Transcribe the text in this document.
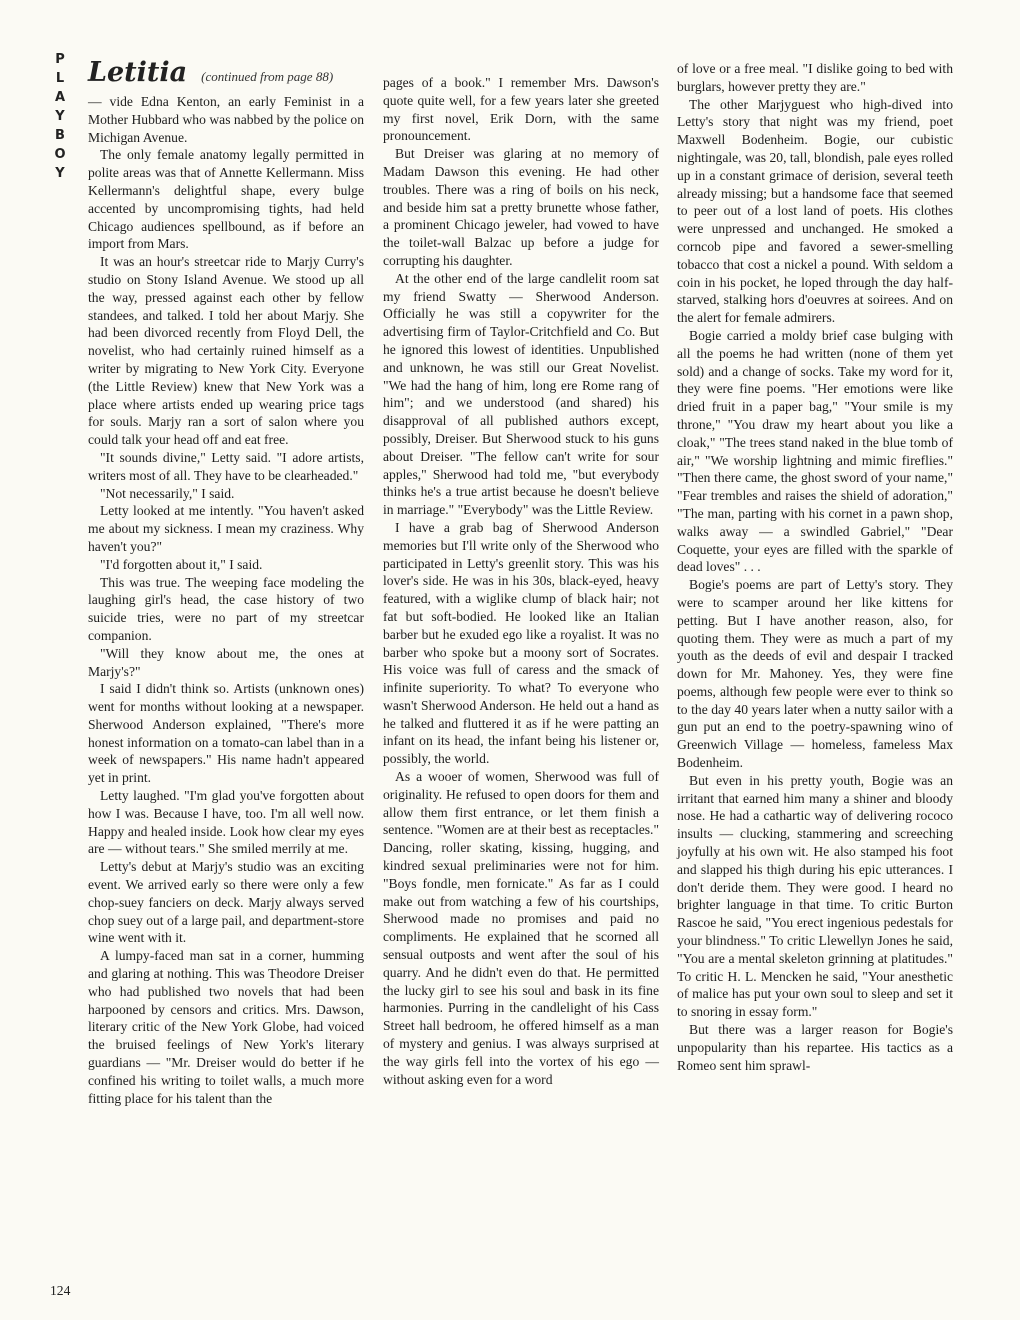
P
L
A
Y
B
O
Y
Letitia (continued from page 88)

— vide Edna Kenton, an early Feminist in a Mother Hubbard who was nabbed by the police on Michigan Avenue.

The only female anatomy legally permitted in polite areas was that of Annette Kellermann. Miss Kellermann's delightful shape, every bulge accented by uncompromising tights, had held Chicago audiences spellbound, as if before an import from Mars.

It was an hour's streetcar ride to Marjy Curry's studio on Stony Island Avenue. We stood up all the way, pressed against each other by fellow standees, and talked. I told her about Marjy. She had been divorced recently from Floyd Dell, the novelist, who had certainly ruined himself as a writer by migrating to New York City. Everyone (the Little Review) knew that New York was a place where artists ended up wearing price tags for souls. Marjy ran a sort of salon where you could talk your head off and eat free.

"It sounds divine," Letty said. "I adore artists, writers most of all. They have to be clearheaded."

"Not necessarily," I said.

Letty looked at me intently. "You haven't asked me about my sickness. I mean my craziness. Why haven't you?"

"I'd forgotten about it," I said.

This was true. The weeping face modeling the laughing girl's head, the case history of two suicide tries, were no part of my streetcar companion.

"Will they know about me, the ones at Marjy's?"

I said I didn't think so. Artists (unknown ones) went for months without looking at a newspaper. Sherwood Anderson explained, "There's more honest information on a tomato-can label than in a week of newspapers." His name hadn't appeared yet in print.

Letty laughed. "I'm glad you've forgotten about how I was. Because I have, too. I'm all well now. Happy and healed inside. Look how clear my eyes are — without tears." She smiled merrily at me.

Letty's debut at Marjy's studio was an exciting event. We arrived early so there were only a few chop-suey fanciers on deck. Marjy always served chop suey out of a large pail, and department-store wine went with it.

A lumpy-faced man sat in a corner, humming and glaring at nothing. This was Theodore Dreiser who had published two novels that had been harpooned by censors and critics. Mrs. Dawson, literary critic of the New York Globe, had voiced the bruised feelings of New York's literary guardians — "Mr. Dreiser would do better if he confined his writing to toilet walls, a much more fitting place for his talent than the

pages of a book." I remember Mrs. Dawson's quote quite well, for a few years later she greeted my first novel, Erik Dorn, with the same pronouncement.

But Dreiser was glaring at no memory of Madam Dawson this evening. He had other troubles. There was a ring of boils on his neck, and beside him sat a pretty brunette whose father, a prominent Chicago jeweler, had vowed to have the toilet-wall Balzac up before a judge for corrupting his daughter.

At the other end of the large candlelit room sat my friend Swatty — Sherwood Anderson. Officially he was still a copywriter for the advertising firm of Taylor-Critchfield and Co. But he ignored this lowest of identities. Unpublished and unknown, he was still our Great Novelist. "We had the hang of him, long ere Rome rang of him"; and we understood (and shared) his disapproval of all published authors except, possibly, Dreiser. But Sherwood stuck to his guns about Dreiser. "The fellow can't write for sour apples," Sherwood had told me, "but everybody thinks he's a true artist because he doesn't believe in marriage." "Everybody" was the Little Review.

I have a grab bag of Sherwood Anderson memories but I'll write only of the Sherwood who participated in Letty's greenlit story. This was his lover's side. He was in his 30s, black-eyed, heavy featured, with a wiglike clump of black hair; not fat but soft-bodied. He looked like an Italian barber but he exuded ego like a royalist. It was no barber who spoke but a moony sort of Socrates. His voice was full of caress and the smack of infinite superiority. To what? To everyone who wasn't Sherwood Anderson. He held out a hand as he talked and fluttered it as if he were patting an infant on its head, the infant being his listener or, possibly, the world.

As a wooer of women, Sherwood was full of originality. He refused to open doors for them and allow them first entrance, or let them finish a sentence. "Women are at their best as receptacles." Dancing, roller skating, kissing, hugging, and kindred sexual preliminaries were not for him. "Boys fondle, men fornicate." As far as I could make out from watching a few of his courtships, Sherwood made no promises and paid no compliments. He explained that he scorned all sensual outposts and went after the soul of his quarry. And he didn't even do that. He permitted the lucky girl to see his soul and bask in its fine harmonies. Purring in the candlelight of his Cass Street hall bedroom, he offered himself as a man of mystery and genius. I was always surprised at the way girls fell into the vortex of his ego — without asking even for a word

of love or a free meal. "I dislike going to bed with burglars, however pretty they are."

The other Marjyguest who high-dived into Letty's story that night was my friend, poet Maxwell Bodenheim. Bogie, our cubistic nightingale, was 20, tall, blondish, pale eyes rolled up in a constant grimace of derision, several teeth already missing; but a handsome face that seemed to peer out of a lost land of poets. His clothes were unpressed and unchanged. He smoked a corncob pipe and favored a sewer-smelling tobacco that cost a nickel a pound. With seldom a coin in his pocket, he loped through the day half-starved, stalking hors d'oeuvres at soirees. And on the alert for female admirers.

Bogie carried a moldy brief case bulging with all the poems he had written (none of them yet sold) and a change of socks. Take my word for it, they were fine poems. "Her emotions were like dried fruit in a paper bag," "Your smile is my throne," "You draw my heart about you like a cloak," "The trees stand naked in the blue tomb of air," "We worship lightning and mimic fireflies." "Then there came, the ghost sword of your name," "Fear trembles and raises the shield of adoration," "The man, parting with his cornet in a pawn shop, walks away — a swindled Gabriel," "Dear Coquette, your eyes are filled with the sparkle of dead loves" . . .

Bogie's poems are part of Letty's story. They were to scamper around her like kittens for petting. But I have another reason, also, for quoting them. They were as much a part of my youth as the deeds of evil and despair I tracked down for Mr. Mahoney. Yes, they were fine poems, although few people were ever to think so to the day 40 years later when a nutty sailor with a gun put an end to the poetry-spawning wino of Greenwich Village — homeless, fameless Max Bodenheim.

But even in his pretty youth, Bogie was an irritant that earned him many a shiner and bloody nose. He had a cathartic way of delivering rococo insults — clucking, stammering and screeching joyfully at his own wit. He also stamped his foot and slapped his thigh during his epic utterances. I don't deride them. They were good. I heard no brighter language in that time. To critic Burton Rascoe he said, "You erect ingenious pedestals for your blindness." To critic Llewellyn Jones he said, "You are a mental skeleton grinning at platitudes." To critic H. L. Mencken he said, "Your anesthetic of malice has put your own soul to sleep and set it to snoring in essay form."

But there was a larger reason for Bogie's unpopularity than his repartee. His tactics as a Romeo sent him sprawl-

124
